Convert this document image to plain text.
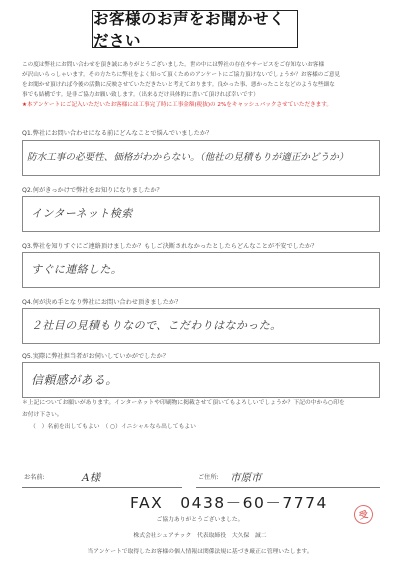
お客様のお声をお聞かせください

この度は弊社にお問い合わせを頂き誠にありがとうございました。世の中には弊社の存在やサービスをご存知ないお客様

が沢山いらっしゃいます。その方たちに弊社をよく知って頂くためのアンケートにご協力頂けないでしょうか？お客様のご意見

をお聞かせ頂ければ今後の活動に反映させていただきたいと考えております。良かった事、悪かったことなどのような些細な

事でも結構です。是非ご協力お願い致します。（出来るだけ具体的に書いて頂ければ幸いです）

★本アンケートにご記入いただいたお客様には工事完了時に工事金額(税抜)の 2%をキャッシュバックさせていただきます。

Q1.弊社にお問い合わせになる前にどんなことで悩んでいましたか？
防水工事の必要性、価格がわからない。（他社の見積もりが適正かどうか）
Q2.何がきっかけで弊社をお知りになりましたか？
インターネット検索
Q3.弊社を知りすぐにご連絡頂けましたか？もしご決断されなかったとしたらどんなことが不安でしたか？
すぐに連絡した。
Q4.何が決め手となり弊社にお問い合わせ頂きましたか？
２社目の見積もりなので、こだわりはなかった。
Q5.実際に弊社担当者がお伺いしていかがでしたか？
信頼感がある。

＊上記についてお願いがあります。インターネットや印刷物に掲載させて頂いてもよろしいでしょうか？下記の中から○印を

お付け下さい。

（　）名前を出してもよい　（ ○）イニシャルなら出してもよい

お名前:	A様	ご住所: 市原市
FAX　0438－60－7774
ご協力ありがとうございました。
株式会社シェアテック　代表取締役　大久保　誠二
当アンケートで取得したお客様の個人情報は関係法規に基づき厳正に管理いたします。
受
